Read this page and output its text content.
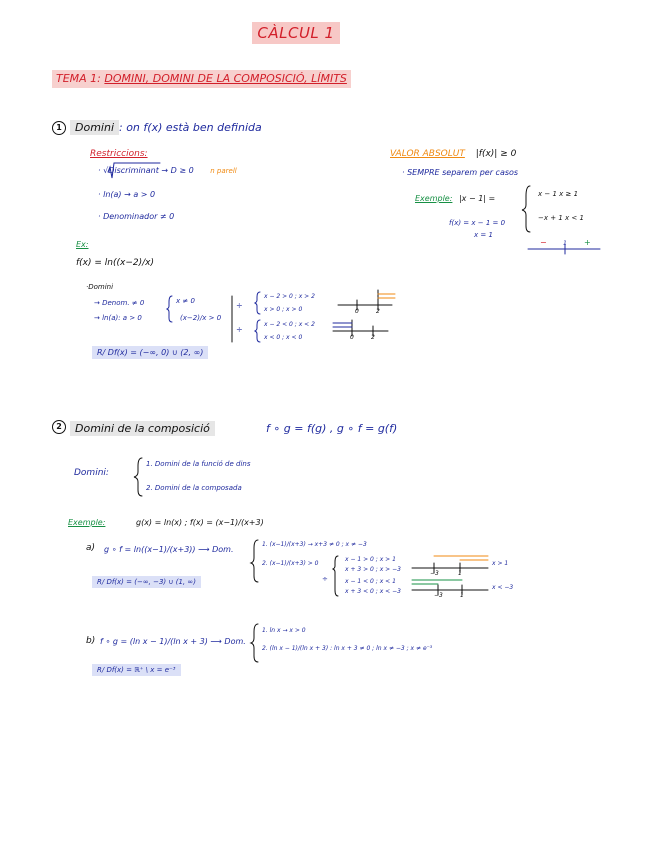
CÀLCUL 1
TEMA 1: DOMINI, DOMINI DE LA COMPOSICIÓ, LÍMITS
1	Domini : on f(x) està ben definida
Restriccions:
· √Discriminant → D ≥ 0 n parell
· ln(a) → a > 0
· Denominador ≠ 0
VALOR ABSOLUT |f(x)| ≥ 0
· SEMPRE separem per casos
Exemple: |x − 1| =	x − 1 x ≥ 1
−x + 1 x < 1
f(x) = x − 1 = 0
x = 1
−	1 +
Ex:
f(x) = ln((x−2)/x)
·Domini
→ Denom. ≠ 0
→ ln(a): a > 0
x ≠ 0
(x−2)/x > 0
÷
x − 2 > 0 ; x > 2
x > 0 ; x > 0
÷
x − 2 < 0 ; x < 2
x < 0 ; x < 0
0	2
0	2
R/ Df(x) = (−∞, 0) ∪ (2, ∞)
2	Domini de la composició	f ∘ g = f(g) , g ∘ f = g(f)
Domini:
1. Domini de la funció de dins
2. Domini de la composada
Exemple:	g(x) = ln(x) ; f(x) = (x−1)/(x+3)
a) g ∘ f = ln((x−1)/(x+3)) ⟶ Dom.
1. (x−1)/(x+3) → x+3 ≠ 0 ; x ≠ −3
2. (x−1)/(x+3) > 0
÷
x − 1 > 0 ; x > 1
x + 3 > 0 ; x > −3
x − 1 < 0 ; x < 1
x + 3 < 0 ; x < −3
x > 1
x < −3
−3	1
−3	1
R/ Df(x) = (−∞, −3) ∪ (1, ∞)
b) f ∘ g = (ln x − 1)/(ln x + 3) ⟶ Dom.
1. ln x → x > 0
2. (ln x − 1)/(ln x + 3) : ln x + 3 ≠ 0 ; ln x ≠ −3 ; x ≠ e⁻³
R/ Df(x) = ℝ⁺ \ x = e⁻³
